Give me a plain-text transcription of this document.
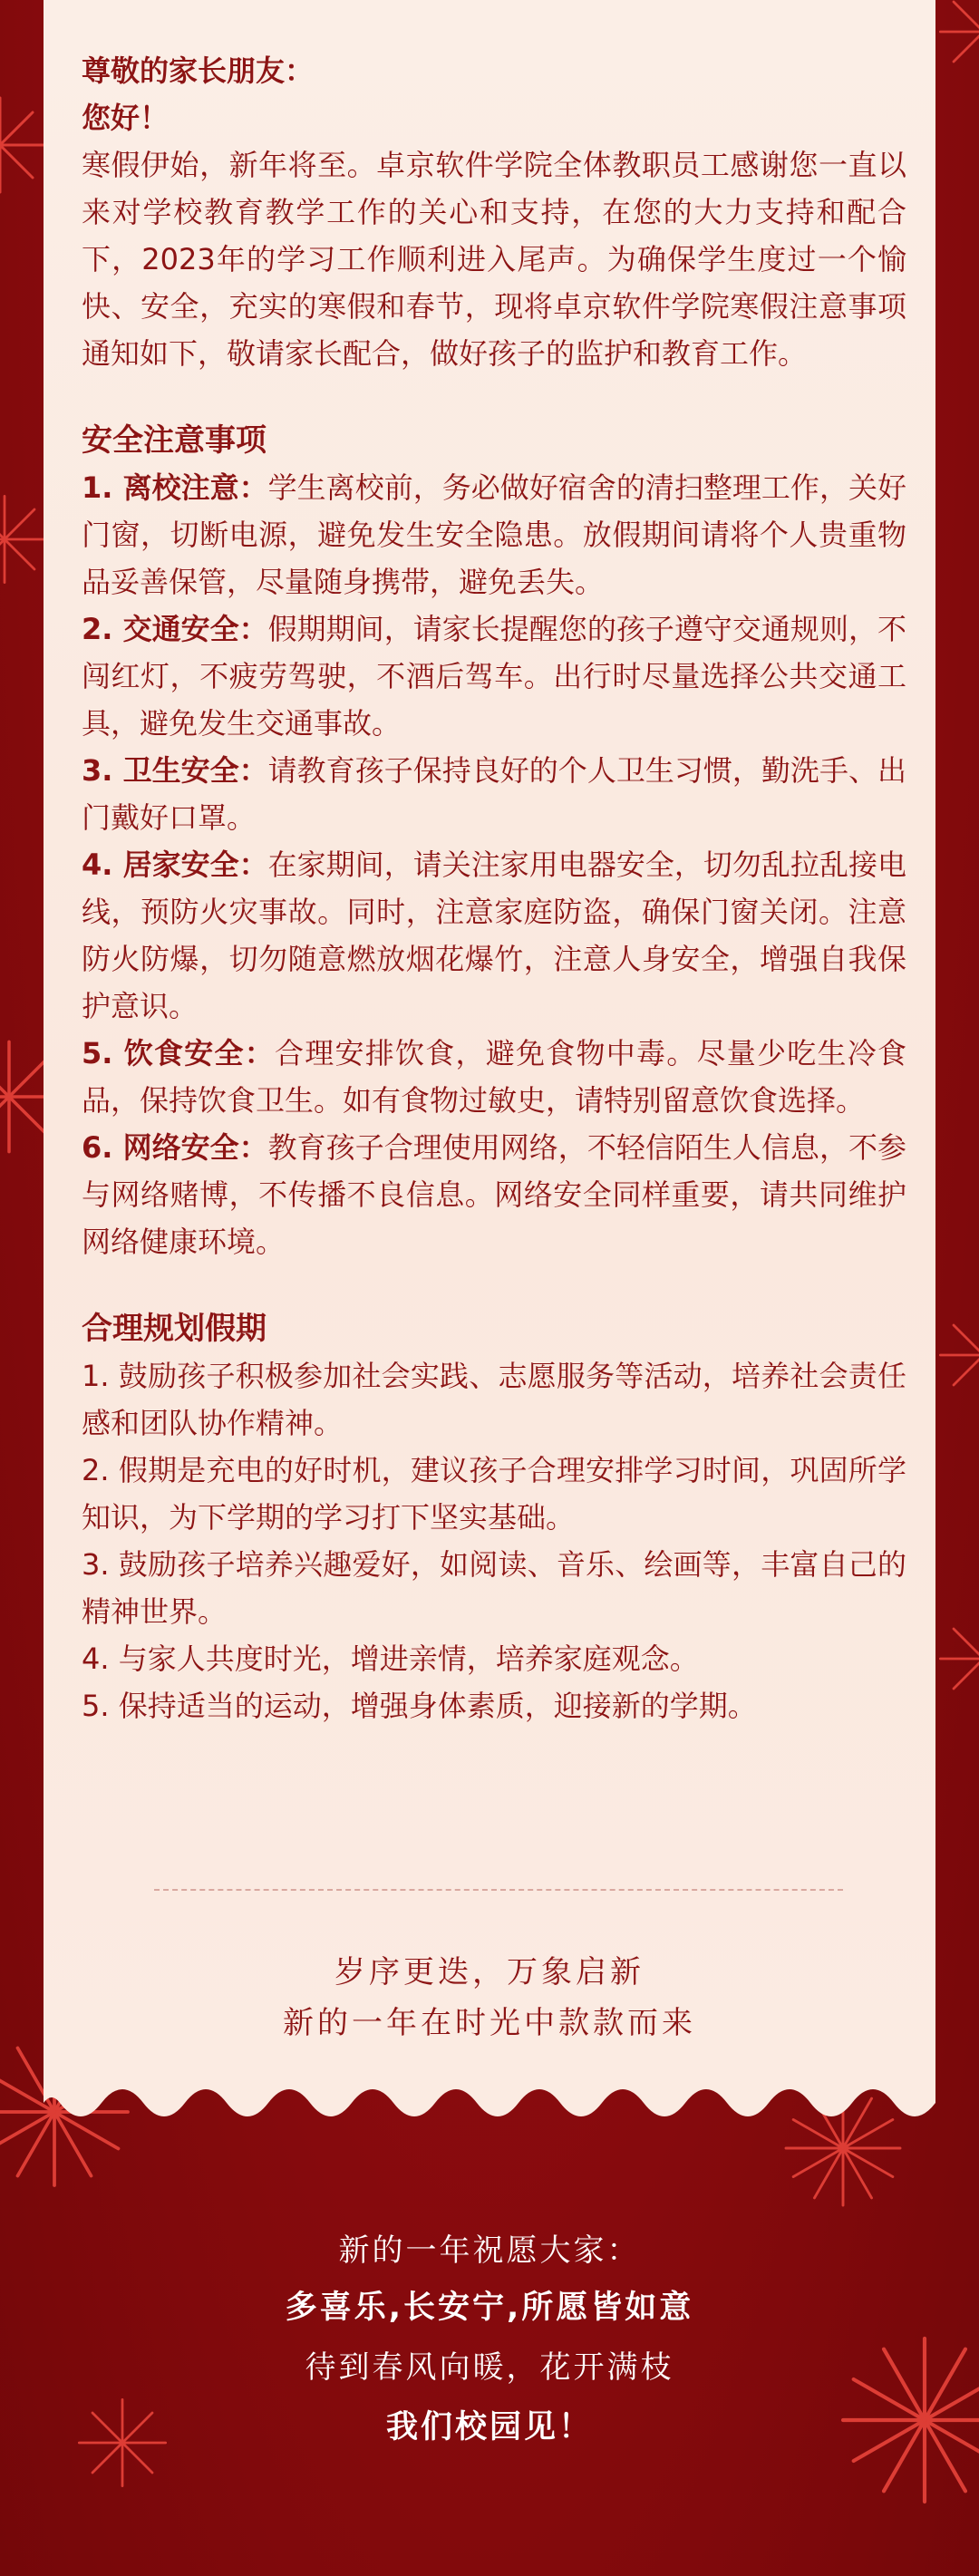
尊敬的家长朋友：
您好！
寒假伊始，新年将至。卓京软件学院全体教职员工感谢您一直以来对学校教育教学工作的关心和支持，在您的大力支持和配合下，2023年的学习工作顺利进入尾声。为确保学生度过一个愉快、安全，充实的寒假和春节，现将卓京软件学院寒假注意事项通知如下，敬请家长配合，做好孩子的监护和教育工作。
安全注意事项
1. 离校注意：学生离校前，务必做好宿舍的清扫整理工作，关好门窗，切断电源，避免发生安全隐患。放假期间请将个人贵重物品妥善保管，尽量随身携带，避免丢失。
2. 交通安全：假期期间，请家长提醒您的孩子遵守交通规则，不闯红灯，不疲劳驾驶，不酒后驾车。出行时尽量选择公共交通工具，避免发生交通事故。
3. 卫生安全：请教育孩子保持良好的个人卫生习惯，勤洗手、出门戴好口罩。
4. 居家安全：在家期间，请关注家用电器安全，切勿乱拉乱接电线，预防火灾事故。同时，注意家庭防盗，确保门窗关闭。注意防火防爆，切勿随意燃放烟花爆竹，注意人身安全，增强自我保护意识。
5. 饮食安全：合理安排饮食，避免食物中毒。尽量少吃生冷食品，保持饮食卫生。如有食物过敏史，请特别留意饮食选择。
6. 网络安全：教育孩子合理使用网络，不轻信陌生人信息，不参与网络赌博，不传播不良信息。网络安全同样重要，请共同维护网络健康环境。
合理规划假期
1. 鼓励孩子积极参加社会实践、志愿服务等活动，培养社会责任感和团队协作精神。
2. 假期是充电的好时机，建议孩子合理安排学习时间，巩固所学知识，为下学期的学习打下坚实基础。
3. 鼓励孩子培养兴趣爱好，如阅读、音乐、绘画等，丰富自己的精神世界。
4. 与家人共度时光，增进亲情，培养家庭观念。
5. 保持适当的运动，增强身体素质，迎接新的学期。
岁序更迭，万象启新
新的一年在时光中款款而来
新的一年祝愿大家：
多喜乐,长安宁,所愿皆如意
待到春风向暖，花开满枝
我们校园见！
